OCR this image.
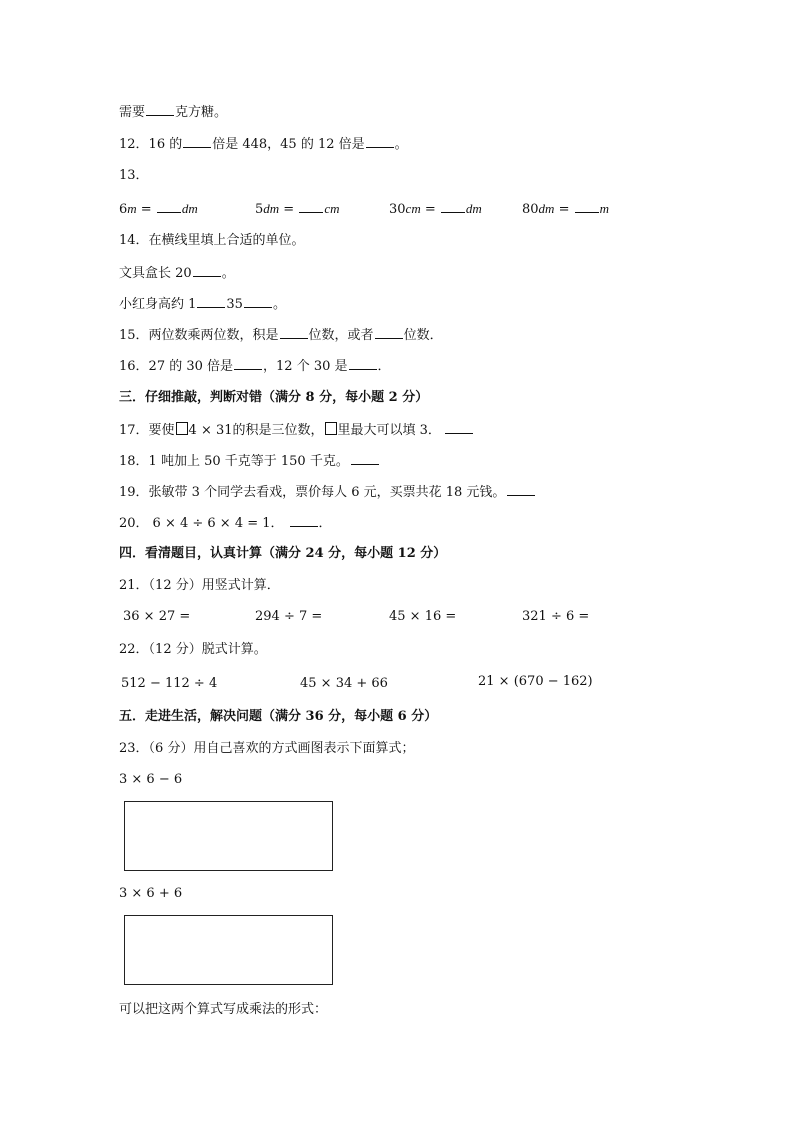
需要 克方糖。
12．16 的 倍是 448，45 的 12 倍是 。
13．
6m = dm	5dm = cm	30cm = dm	80dm = m
14．在横线里填上合适的单位。
文具盒长 20 。
小红身高约 1 35 。
15．两位数乘两位数，积是 位数，或者 位数．
16．27 的 30 倍是 ，12 个 30 是 ．
三．仔细推敲，判断对错（满分 8 分，每小题 2 分）
17．要使 4 × 31的积是三位数， 里最大可以填 3．
18．1 吨加上 50 千克等于 150 千克。
19．张敏带 3 个同学去看戏，票价每人 6 元，买票共花 18 元钱。
20． 6 × 4 ÷ 6 × 4 = 1．	．
四．看清题目，认真计算（满分 24 分，每小题 12 分）
21．（12 分）用竖式计算．
36 × 27 =	294 ÷ 7 =	45 × 16 =	321 ÷ 6 =
22．（12 分）脱式计算。
512 − 112 ÷ 4	45 × 34 + 66	21 × (670 − 162)
五．走进生活，解决问题（满分 36 分，每小题 6 分）
23．（6 分）用自己喜欢的方式画图表示下面算式；
3 × 6 − 6
3 × 6 + 6
可以把这两个算式写成乘法的形式：
